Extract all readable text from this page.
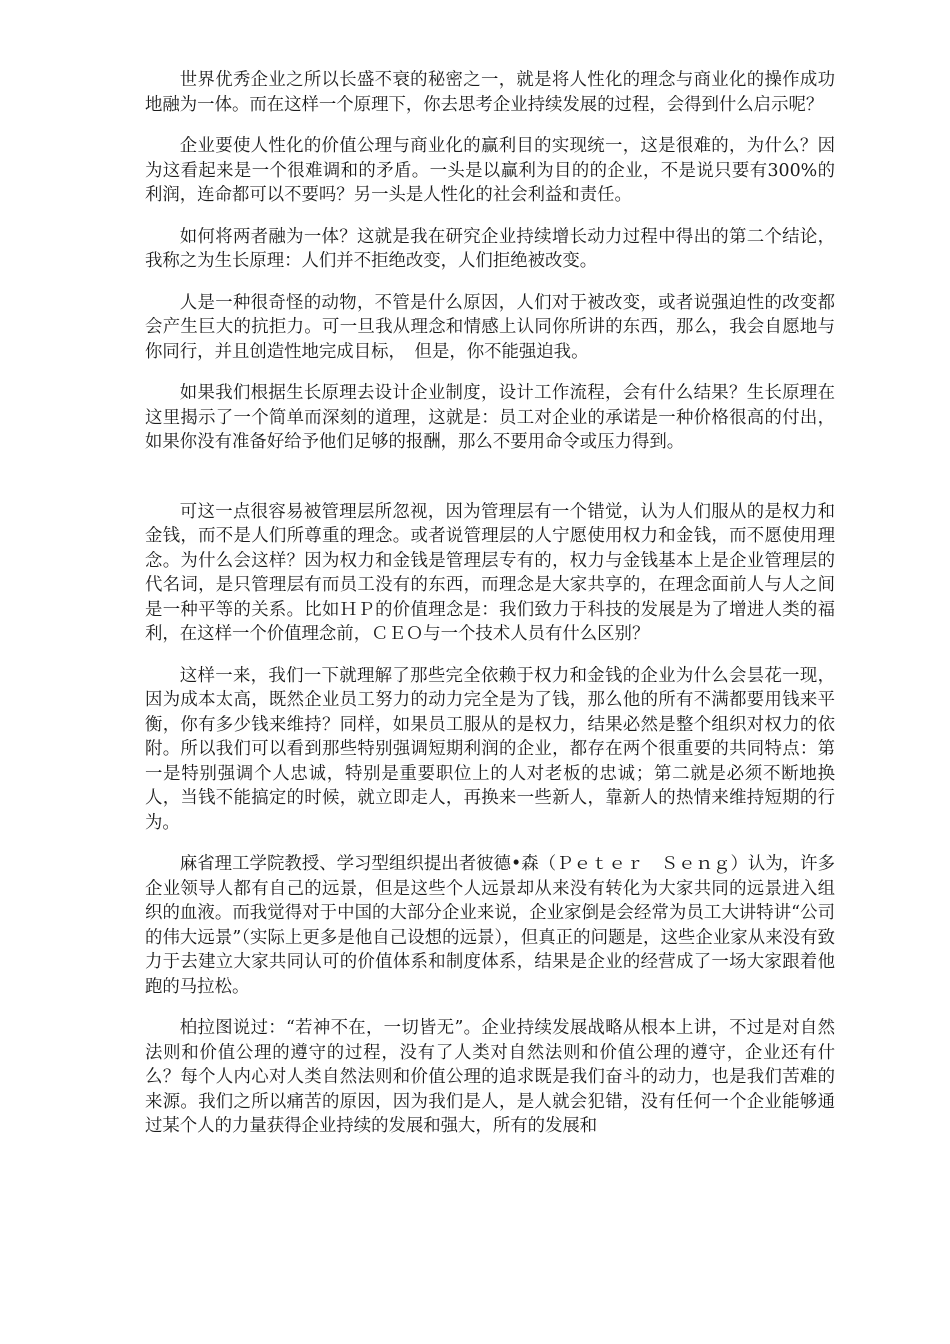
世界优秀企业之所以长盛不衰的秘密之一，就是将人性化的理念与商业化的操作成功地融为一体。而在这样一个原理下，你去思考企业持续发展的过程，会得到什么启示呢？

企业要使人性化的价值公理与商业化的赢利目的实现统一，这是很难的，为什么？因为这看起来是一个很难调和的矛盾。一头是以赢利为目的的企业，不是说只要有300%的利润，连命都可以不要吗？另一头是人性化的社会利益和责任。

如何将两者融为一体？这就是我在研究企业持续增长动力过程中得出的第二个结论，我称之为生长原理：人们并不拒绝改变，人们拒绝被改变。

人是一种很奇怪的动物，不管是什么原因，人们对于被改变，或者说强迫性的改变都会产生巨大的抗拒力。可一旦我从理念和情感上认同你所讲的东西，那么，我会自愿地与你同行，并且创造性地完成目标，　但是，你不能强迫我。

如果我们根据生长原理去设计企业制度，设计工作流程，会有什么结果？生长原理在这里揭示了一个简单而深刻的道理，这就是：员工对企业的承诺是一种价格很高的付出，如果你没有准备好给予他们足够的报酬，那么不要用命令或压力得到。

可这一点很容易被管理层所忽视，因为管理层有一个错觉，认为人们服从的是权力和金钱，而不是人们所尊重的理念。或者说管理层的人宁愿使用权力和金钱，而不愿使用理念。为什么会这样？因为权力和金钱是管理层专有的，权力与金钱基本上是企业管理层的代名词，是只管理层有而员工没有的东西，而理念是大家共享的，在理念面前人与人之间是一种平等的关系。比如ＨＰ的价值理念是：我们致力于科技的发展是为了增进人类的福利，在这样一个价值理念前，ＣＥＯ与一个技术人员有什么区别？

这样一来，我们一下就理解了那些完全依赖于权力和金钱的企业为什么会昙花一现，因为成本太高，既然企业员工努力的动力完全是为了钱，那么他的所有不满都要用钱来平衡，你有多少钱来维持？同样，如果员工服从的是权力，结果必然是整个组织对权力的依附。所以我们可以看到那些特别强调短期利润的企业，都存在两个很重要的共同特点：第一是特别强调个人忠诚，特别是重要职位上的人对老板的忠诚；第二就是必须不断地换人，当钱不能搞定的时候，就立即走人，再换来一些新人，靠新人的热情来维持短期的行为。

麻省理工学院教授、学习型组织提出者彼德•森（Ｐｅｔｅｒ　Ｓｅｎｇ）认为，许多企业领导人都有自己的远景，但是这些个人远景却从来没有转化为大家共同的远景进入组织的血液。而我觉得对于中国的大部分企业来说，企业家倒是会经常为员工大讲特讲“公司的伟大远景”（实际上更多是他自己设想的远景），但真正的问题是，这些企业家从来没有致力于去建立大家共同认可的价值体系和制度体系，结果是企业的经营成了一场大家跟着他跑的马拉松。

柏拉图说过：“若神不在，一切皆无”。企业持续发展战略从根本上讲，不过是对自然法则和价值公理的遵守的过程，没有了人类对自然法则和价值公理的遵守，企业还有什么？每个人内心对人类自然法则和价值公理的追求既是我们奋斗的动力，也是我们苦难的来源。我们之所以痛苦的原因，因为我们是人，是人就会犯错，没有任何一个企业能够通过某个人的力量获得企业持续的发展和强大，所有的发展和
